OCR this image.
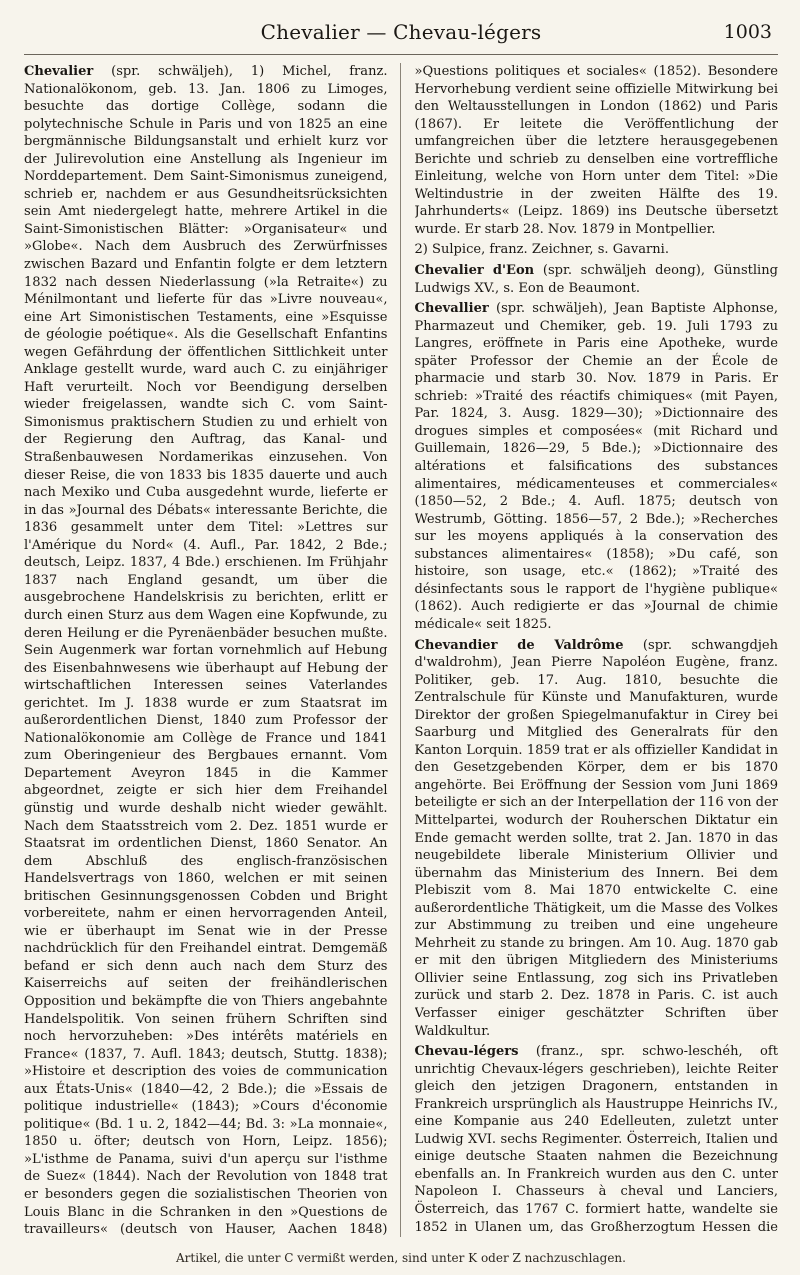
Chevalier — Chevau-légers	1003

Chevalier (spr. schwäljeh), 1) Michel, franz. Nationalökonom, geb. 13. Jan. 1806 zu Limoges, besuchte das dortige Collège, sodann die polytechnische Schule in Paris und von 1825 an eine bergmännische Bildungsanstalt und erhielt kurz vor der Julirevolution eine Anstellung als Ingenieur im Norddepartement. Dem Saint-Simonismus zuneigend, schrieb er, nachdem er aus Gesundheitsrücksichten sein Amt niedergelegt hatte, mehrere Artikel in die Saint-Simonistischen Blätter: »Organisateur« und »Globe«. Nach dem Ausbruch des Zerwürfnisses zwischen Bazard und Enfantin folgte er dem letztern 1832 nach dessen Niederlassung (»la Retraite«) zu Ménilmontant und lieferte für das »Livre nouveau«, eine Art Simonistischen Testaments, eine »Esquisse de géologie poétique«. Als die Gesellschaft Enfantins wegen Gefährdung der öffentlichen Sittlichkeit unter Anklage gestellt wurde, ward auch C. zu einjähriger Haft verurteilt. Noch vor Beendigung derselben wieder freigelassen, wandte sich C. vom Saint-Simonismus praktischern Studien zu und erhielt von der Regierung den Auftrag, das Kanal- und Straßenbauwesen Nordamerikas einzusehen. Von dieser Reise, die von 1833 bis 1835 dauerte und auch nach Mexiko und Cuba ausgedehnt wurde, lieferte er in das »Journal des Débats« interessante Berichte, die 1836 gesammelt unter dem Titel: »Lettres sur l'Amérique du Nord« (4. Aufl., Par. 1842, 2 Bde.; deutsch, Leipz. 1837, 4 Bde.) erschienen. Im Frühjahr 1837 nach England gesandt, um über die ausgebrochene Handelskrisis zu berichten, erlitt er durch einen Sturz aus dem Wagen eine Kopfwunde, zu deren Heilung er die Pyrenäenbäder besuchen mußte. Sein Augenmerk war fortan vornehmlich auf Hebung des Eisenbahnwesens wie überhaupt auf Hebung der wirtschaftlichen Interessen seines Vaterlandes gerichtet. Im J. 1838 wurde er zum Staatsrat im außerordentlichen Dienst, 1840 zum Professor der Nationalökonomie am Collège de France und 1841 zum Oberingenieur des Bergbaues ernannt. Vom Departement Aveyron 1845 in die Kammer abgeordnet, zeigte er sich hier dem Freihandel günstig und wurde deshalb nicht wieder gewählt. Nach dem Staatsstreich vom 2. Dez. 1851 wurde er Staatsrat im ordentlichen Dienst, 1860 Senator. An dem Abschluß des englisch-französischen Handelsvertrags von 1860, welchen er mit seinen britischen Gesinnungsgenossen Cobden und Bright vorbereitete, nahm er einen hervorragenden Anteil, wie er überhaupt im Senat wie in der Presse nachdrücklich für den Freihandel eintrat. Demgemäß befand er sich denn auch nach dem Sturz des Kaiserreichs auf seiten der freihändlerischen Opposition und bekämpfte die von Thiers angebahnte Handelspolitik. Von seinen frühern Schriften sind noch hervorzuheben: »Des intérêts matériels en France« (1837, 7. Aufl. 1843; deutsch, Stuttg. 1838); »Histoire et description des voies de communication aux États-Unis« (1840—42, 2 Bde.); die »Essais de politique industrielle« (1843); »Cours d'économie politique« (Bd. 1 u. 2, 1842—44; Bd. 3: »La monnaie«, 1850 u. öfter; deutsch von Horn, Leipz. 1856); »L'isthme de Panama, suivi d'un aperçu sur l'isthme de Suez« (1844). Nach der Revolution von 1848 trat er besonders gegen die sozialistischen Theorien von Louis Blanc in die Schranken in den »Questions de travailleurs« (deutsch von Hauser, Aachen 1848)

»Questions politiques et sociales« (1852). Besondere Hervorhebung verdient seine offizielle Mitwirkung bei den Weltausstellungen in London (1862) und Paris (1867). Er leitete die Veröffentlichung der umfangreichen über die letztere herausgegebenen Berichte und schrieb zu denselben eine vortreffliche Einleitung, welche von Horn unter dem Titel: »Die Weltindustrie in der zweiten Hälfte des 19. Jahrhunderts« (Leipz. 1869) ins Deutsche übersetzt wurde. Er starb 28. Nov. 1879 in Montpellier.

2) Sulpice, franz. Zeichner, s. Gavarni.

Chevalier d'Eon (spr. schwäljeh deong), Günstling Ludwigs XV., s. Eon de Beaumont.

Chevallier (spr. schwäljeh), Jean Baptiste Alphonse, Pharmazeut und Chemiker, geb. 19. Juli 1793 zu Langres, eröffnete in Paris eine Apotheke, wurde später Professor der Chemie an der École de pharmacie und starb 30. Nov. 1879 in Paris. Er schrieb: »Traité des réactifs chimiques« (mit Payen, Par. 1824, 3. Ausg. 1829—30); »Dictionnaire des drogues simples et composées« (mit Richard und Guillemain, 1826—29, 5 Bde.); »Dictionnaire des altérations et falsifications des substances alimentaires, médicamenteuses et commerciales« (1850—52, 2 Bde.; 4. Aufl. 1875; deutsch von Westrumb, Götting. 1856—57, 2 Bde.); »Recherches sur les moyens appliqués à la conservation des substances alimentaires« (1858); »Du café, son histoire, son usage, etc.« (1862); »Traité des désinfectants sous le rapport de l'hygiène publique« (1862). Auch redigierte er das »Journal de chimie médicale« seit 1825.

Chevandier de Valdrôme (spr. schwangdjeh d'waldrohm), Jean Pierre Napoléon Eugène, franz. Politiker, geb. 17. Aug. 1810, besuchte die Zentralschule für Künste und Manufakturen, wurde Direktor der großen Spiegelmanufaktur in Cirey bei Saarburg und Mitglied des Generalrats für den Kanton Lorquin. 1859 trat er als offizieller Kandidat in den Gesetzgebenden Körper, dem er bis 1870 angehörte. Bei Eröffnung der Session vom Juni 1869 beteiligte er sich an der Interpellation der 116 von der Mittelpartei, wodurch der Rouherschen Diktatur ein Ende gemacht werden sollte, trat 2. Jan. 1870 in das neugebildete liberale Ministerium Ollivier und übernahm das Ministerium des Innern. Bei dem Plebiszit vom 8. Mai 1870 entwickelte C. eine außerordentliche Thätigkeit, um die Masse des Volkes zur Abstimmung zu treiben und eine ungeheure Mehrheit zu stande zu bringen. Am 10. Aug. 1870 gab er mit den übrigen Mitgliedern des Ministeriums Ollivier seine Entlassung, zog sich ins Privatleben zurück und starb 2. Dez. 1878 in Paris. C. ist auch Verfasser einiger geschätzter Schriften über Waldkultur.

Chevau-légers (franz., spr. schwo-leschéh, oft unrichtig Chevaux-légers geschrieben), leichte Reiter gleich den jetzigen Dragonern, entstanden in Frankreich ursprünglich als Haustruppe Heinrichs IV., eine Kompanie aus 240 Edelleuten, zuletzt unter Ludwig XVI. sechs Regimenter. Österreich, Italien und einige deutsche Staaten nahmen die Bezeichnung ebenfalls an. In Frankreich wurden aus den C. unter Napoleon I. Chasseurs à cheval und Lanciers, Österreich, das 1767 C. formiert hatte, wandelte sie 1852 in Ulanen um, das Großherzogtum Hessen die

Artikel, die unter C vermißt werden, sind unter K oder Z nachzuschlagen.
